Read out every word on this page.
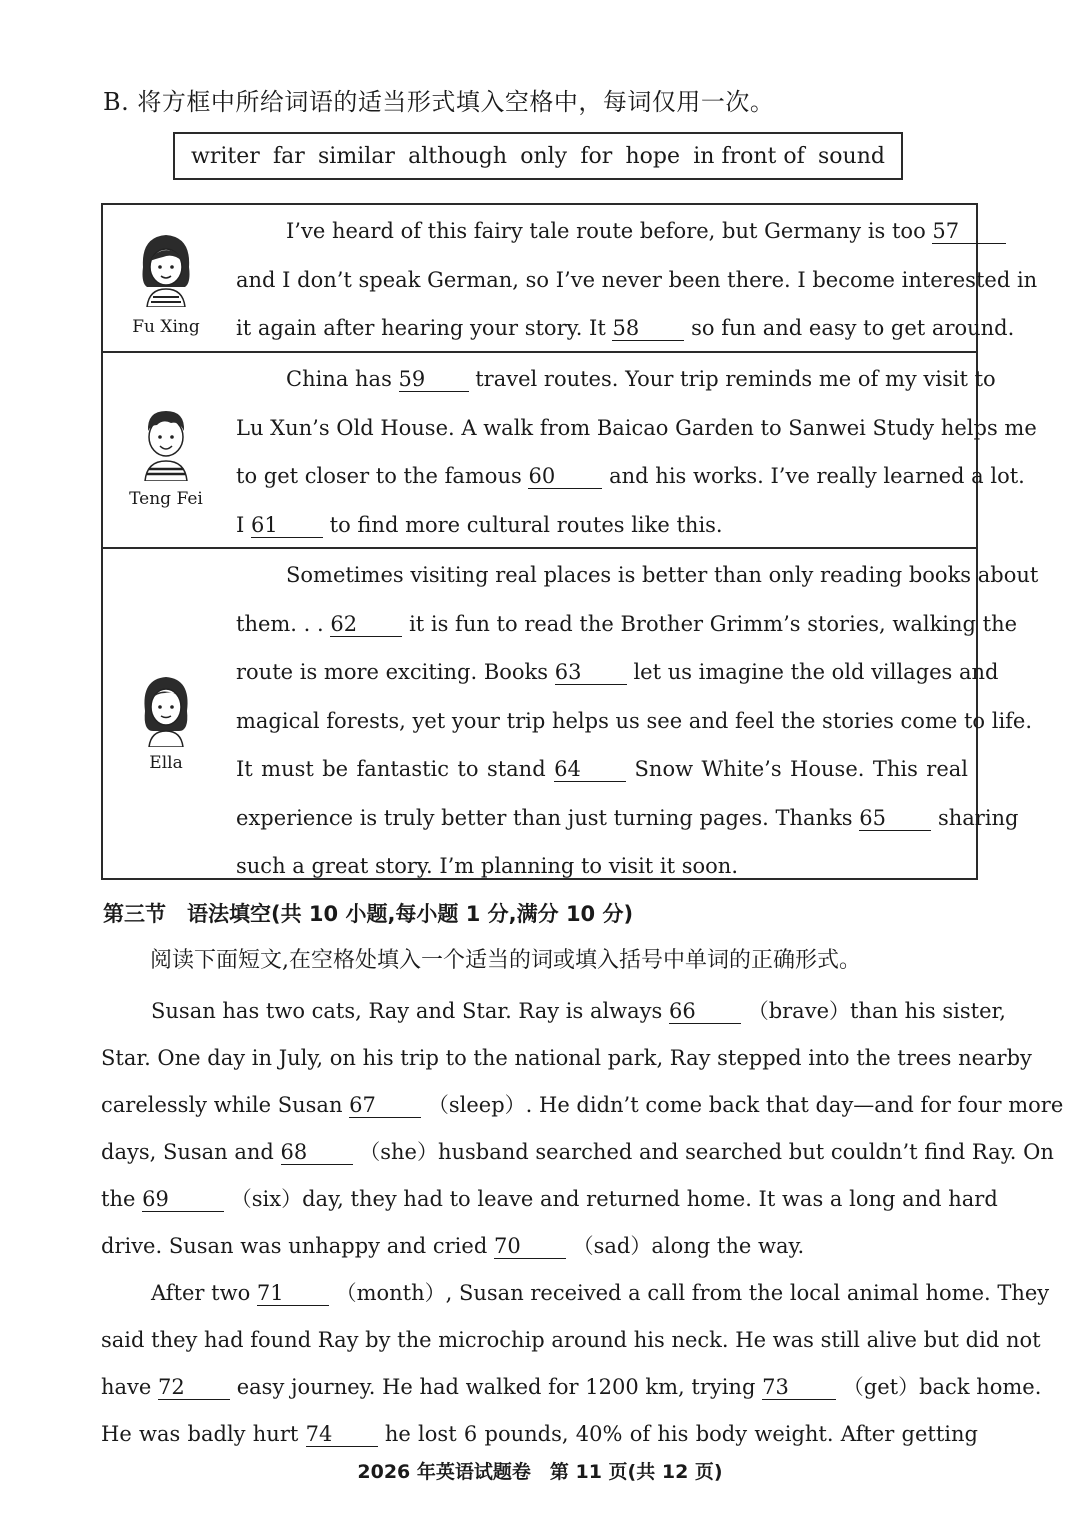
B. 将方框中所给词语的适当形式填入空格中，每词仅用一次。
writer far similar although only for hope in front of sound
Fu Xing
I’ve heard of this fairy tale route before, but Germany is too 57
and I don’t speak German, so I’ve never been there. I become interested in
it again after hearing your story. It 58 so fun and easy to get around.
Teng Fei
China has 59 travel routes. Your trip reminds me of my visit to
Lu Xun’s Old House. A walk from Baicao Garden to Sanwei Study helps me
to get closer to the famous 60	and his works. I’ve really learned a lot.
I 61 to find more cultural routes like this.
Ella
Sometimes visiting real places is better than only reading books about
them. . . 62 it is fun to read the Brother Grimm’s stories, walking the
route is more exciting. Books 63 let us imagine the old villages and
magical forests, yet your trip helps us see and feel the stories come to life.
It must be fantastic to stand 64	Snow White’s House. This real
experience is truly better than just turning pages. Thanks 65 sharing
such a great story. I’m planning to visit it soon.
第三节　语法填空(共 10 小题,每小题 1 分,满分 10 分)
阅读下面短文,在空格处填入一个适当的词或填入括号中单词的正确形式。
Susan has two cats, Ray and Star. Ray is always 66 （brave）than his sister,
Star. One day in July, on his trip to the national park, Ray stepped into the trees nearby
carelessly while Susan 67 （sleep）. He didn’t come back that day—and for four more
days, Susan and 68 （she）husband searched and searched but couldn’t find Ray. On
the 69	（six）day, they had to leave and returned home. It was a long and hard
drive. Susan was unhappy and cried 70 （sad）along the way.
After two 71 （month）, Susan received a call from the local animal home. They
said they had found Ray by the microchip around his neck. He was still alive but did not
have 72 easy journey. He had walked for 1200 km, trying 73	（get）back home.
He was badly hurt 74	he lost 6 pounds, 40% of his body weight. After getting
2026 年英语试题卷　第 11 页(共 12 页)
